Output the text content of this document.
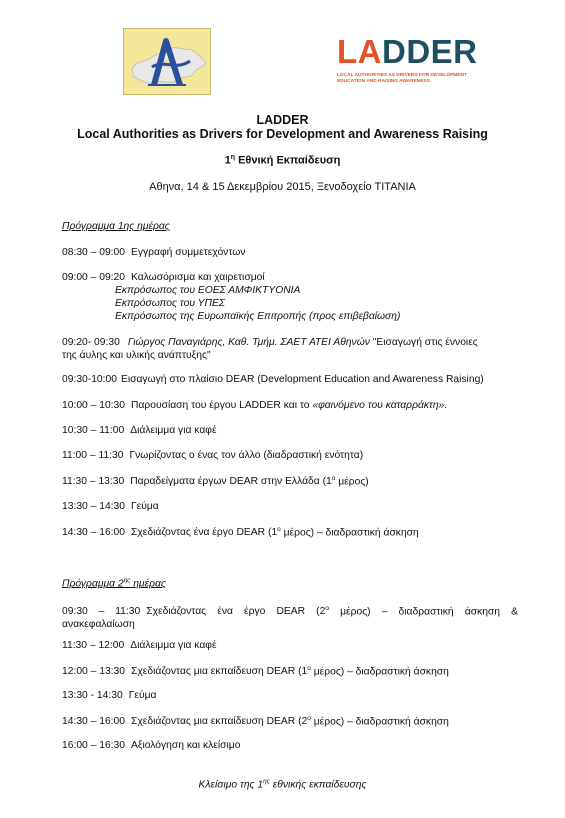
LADDER
LOCAL AUTHORITIES AS DRIVERS FOR DEVELOPMENT
EDUCATION AND RAISING AWARENESS
LADDER
Local Authorities as Drivers for Development and Awareness Raising
$1^\eta$ Εθνική Εκπαίδευση
Αθηνα, 14 & 15 Δεκεμβρίου 2015, Ξενοδοχείο ΤΙΤΑΝΙΑ
Πρόγραμμα 1ης ημέρας
08:30 – 09:00 Εγγραφή συμμετεχόντων
09:00 – 09:20 Καλωσόρισμα και χαιρετισμοί
Εκπρόσωπος του ΕΟΕΣ ΑΜΦΙΚΤΥΟΝΙΑ
Εκπρόσωπος του ΥΠΕΣ
Εκπρόσωπος της Ευρωπαϊκής Επιτροπής (προς επιβεβαίωση)
09:20- 09:30 Γιώργος Παναγιάρης, Καθ. Τμήμ. ΣΑΕΤ ΑΤΕΙ Αθηνών "Εισαγωγή στις έννοιες
της άυλης και υλικής ανάπτυξης"
09:30-10:00 Εισαγωγή στο πλαίσιο DEAR (Development Education and Awareness Raising)
10:00 – 10:30 Παρουσίαση του έργου LADDER και το «φαινόμενο του καταρράκτη».
10:30 – 11:00 Διάλειμμα για καφέ
11:00 – 11:30 Γνωρίζοντας ο ένας τον άλλο (διαδραστική ενότητα)
11:30 – 13:30 Παραδείγματα έργων DEAR στην Ελλάδα ($1^o$ μέρος)
13:30 – 14:30 Γεύμα
14:30 – 16:00 Σχεδιάζοντας ένα έργο DEAR ($1^o$ μέρος) – διαδραστική άσκηση
Πρόγραμμα $2^{\eta\varsigma}$ ημέρας
09:30 – 11:30 Σχεδιάζοντας ένα έργο DEAR ($2^o$ μέρος) – διαδραστική άσκηση & ανακεφαλαίωση
11:30 – 12:00 Διάλειμμα για καφέ
12:00 – 13:30 Σχεδιάζοντας μια εκπαίδευση DEAR ($1^o$ μέρος) – διαδραστική άσκηση
13:30 - 14:30 Γεύμα
14:30 – 16:00 Σχεδιάζοντας μια εκπαίδευση DEAR ($2^o$ μέρος) – διαδραστική άσκηση
16:00 – 16:30 Αξιολόγηση και κλείσιμο
Κλείσιμο της $1^{\eta\varsigma}$ εθνικής εκπαίδευσης
